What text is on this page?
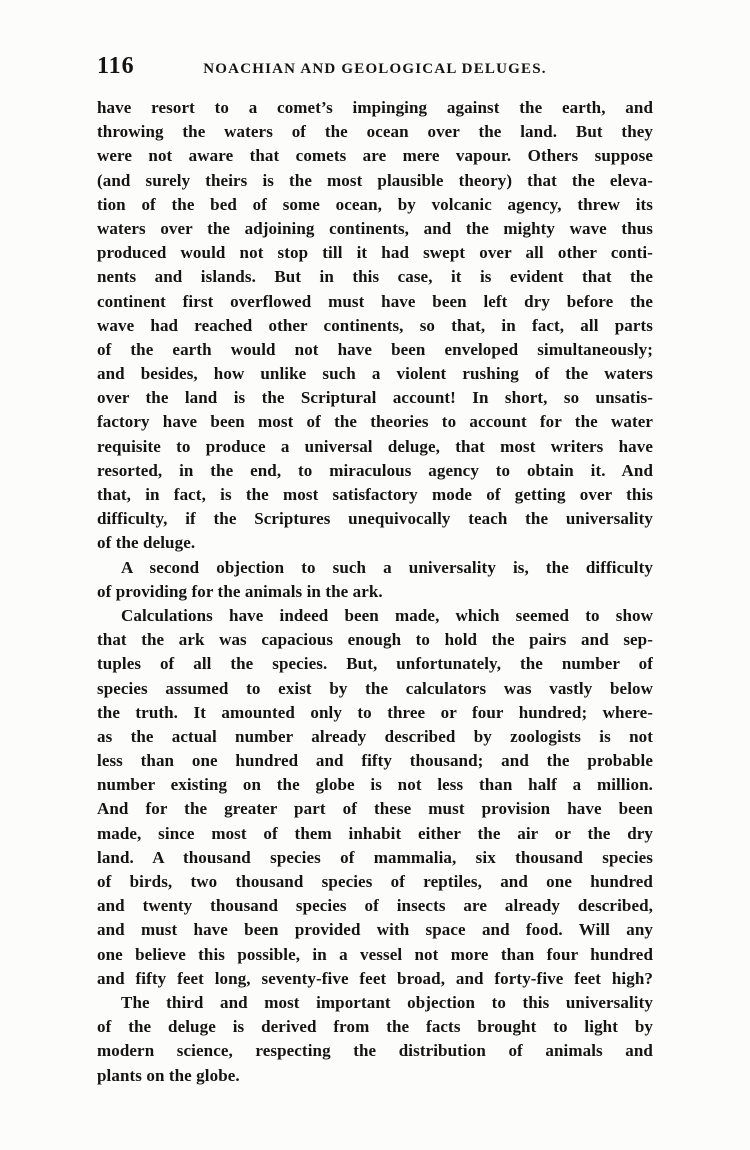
116	NOACHIAN AND GEOLOGICAL DELUGES.
have resort to a comet’s impinging against the earth, and
throwing the waters of the ocean over the land. But they
were not aware that comets are mere vapour. Others suppose
(and surely theirs is the most plausible theory) that the eleva-
tion of the bed of some ocean, by volcanic agency, threw its
waters over the adjoining continents, and the mighty wave thus
produced would not stop till it had swept over all other conti-
nents and islands. But in this case, it is evident that the
continent first overflowed must have been left dry before the
wave had reached other continents, so that, in fact, all parts
of the earth would not have been enveloped simultaneously;
and besides, how unlike such a violent rushing of the waters
over the land is the Scriptural account! In short, so unsatis-
factory have been most of the theories to account for the water
requisite to produce a universal deluge, that most writers have
resorted, in the end, to miraculous agency to obtain it. And
that, in fact, is the most satisfactory mode of getting over this
difficulty, if the Scriptures unequivocally teach the universality
of the deluge.
A second objection to such a universality is, the difficulty
of providing for the animals in the ark.
Calculations have indeed been made, which seemed to show
that the ark was capacious enough to hold the pairs and sep-
tuples of all the species. But, unfortunately, the number of
species assumed to exist by the calculators was vastly below
the truth. It amounted only to three or four hundred; where-
as the actual number already described by zoologists is not
less than one hundred and fifty thousand; and the probable
number existing on the globe is not less than half a million.
And for the greater part of these must provision have been
made, since most of them inhabit either the air or the dry
land. A thousand species of mammalia, six thousand species
of birds, two thousand species of reptiles, and one hundred
and twenty thousand species of insects are already described,
and must have been provided with space and food. Will any
one believe this possible, in a vessel not more than four hundred
and fifty feet long, seventy-five feet broad, and forty-five feet high?
The third and most important objection to this universality
of the deluge is derived from the facts brought to light by
modern science, respecting the distribution of animals and
plants on the globe.
